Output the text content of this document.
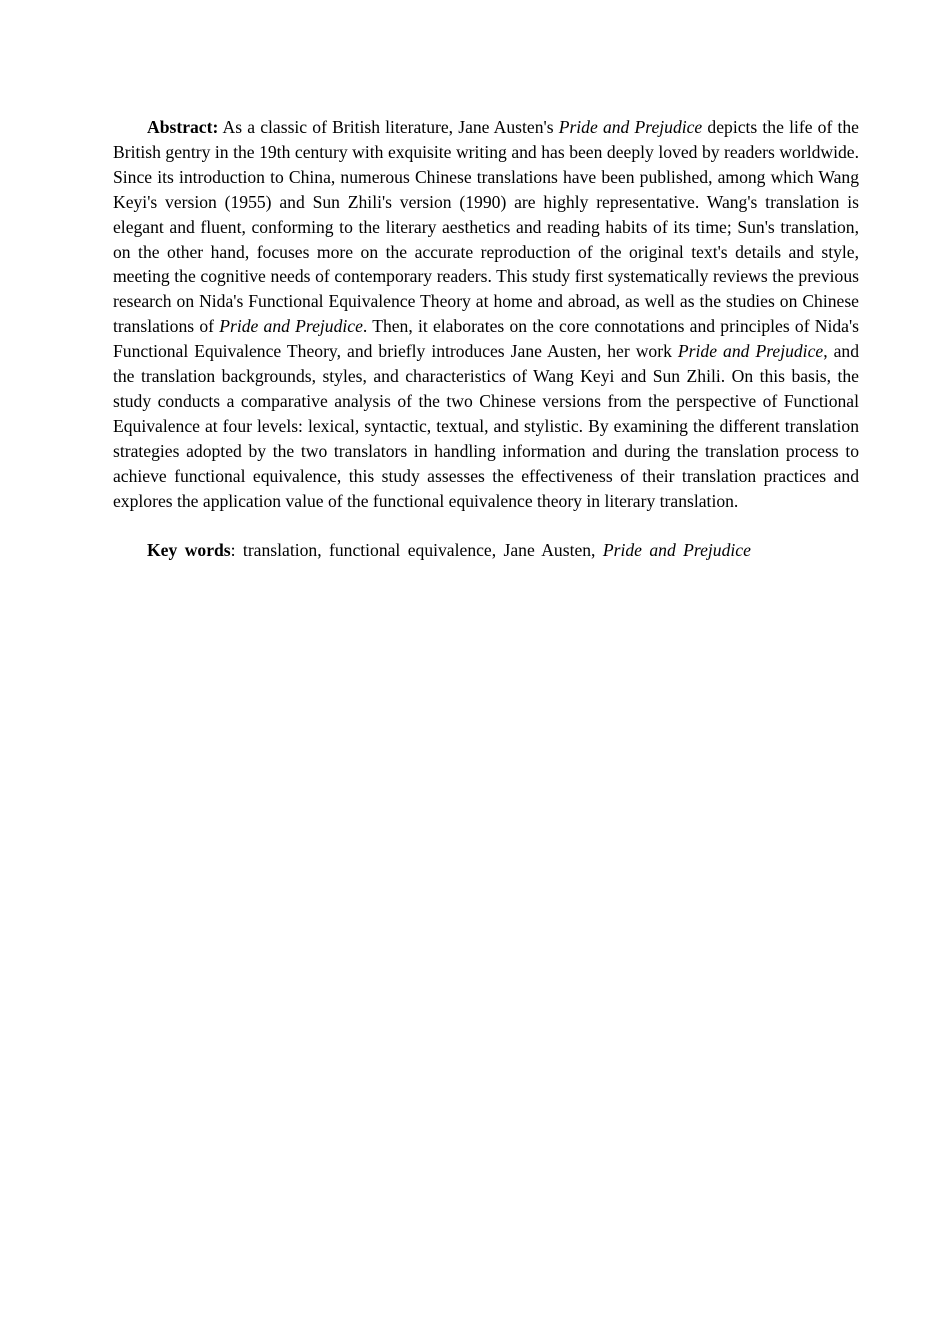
Abstract: As a classic of British literature, Jane Austen's Pride and Prejudice depicts the life of the British gentry in the 19th century with exquisite writing and has been deeply loved by readers worldwide. Since its introduction to China, numerous Chinese translations have been published, among which Wang Keyi's version (1955) and Sun Zhili's version (1990) are highly representative. Wang's translation is elegant and fluent, conforming to the literary aesthetics and reading habits of its time; Sun's translation, on the other hand, focuses more on the accurate reproduction of the original text's details and style, meeting the cognitive needs of contemporary readers. This study first systematically reviews the previous research on Nida's Functional Equivalence Theory at home and abroad, as well as the studies on Chinese translations of Pride and Prejudice. Then, it elaborates on the core connotations and principles of Nida's Functional Equivalence Theory, and briefly introduces Jane Austen, her work Pride and Prejudice, and the translation backgrounds, styles, and characteristics of Wang Keyi and Sun Zhili. On this basis, the study conducts a comparative analysis of the two Chinese versions from the perspective of Functional Equivalence at four levels: lexical, syntactic, textual, and stylistic. By examining the different translation strategies adopted by the two translators in handling information and during the translation process to achieve functional equivalence, this study assesses the effectiveness of their translation practices and explores the application value of the functional equivalence theory in literary translation.

Key words: translation, functional equivalence, Jane Austen, Pride and Prejudice
